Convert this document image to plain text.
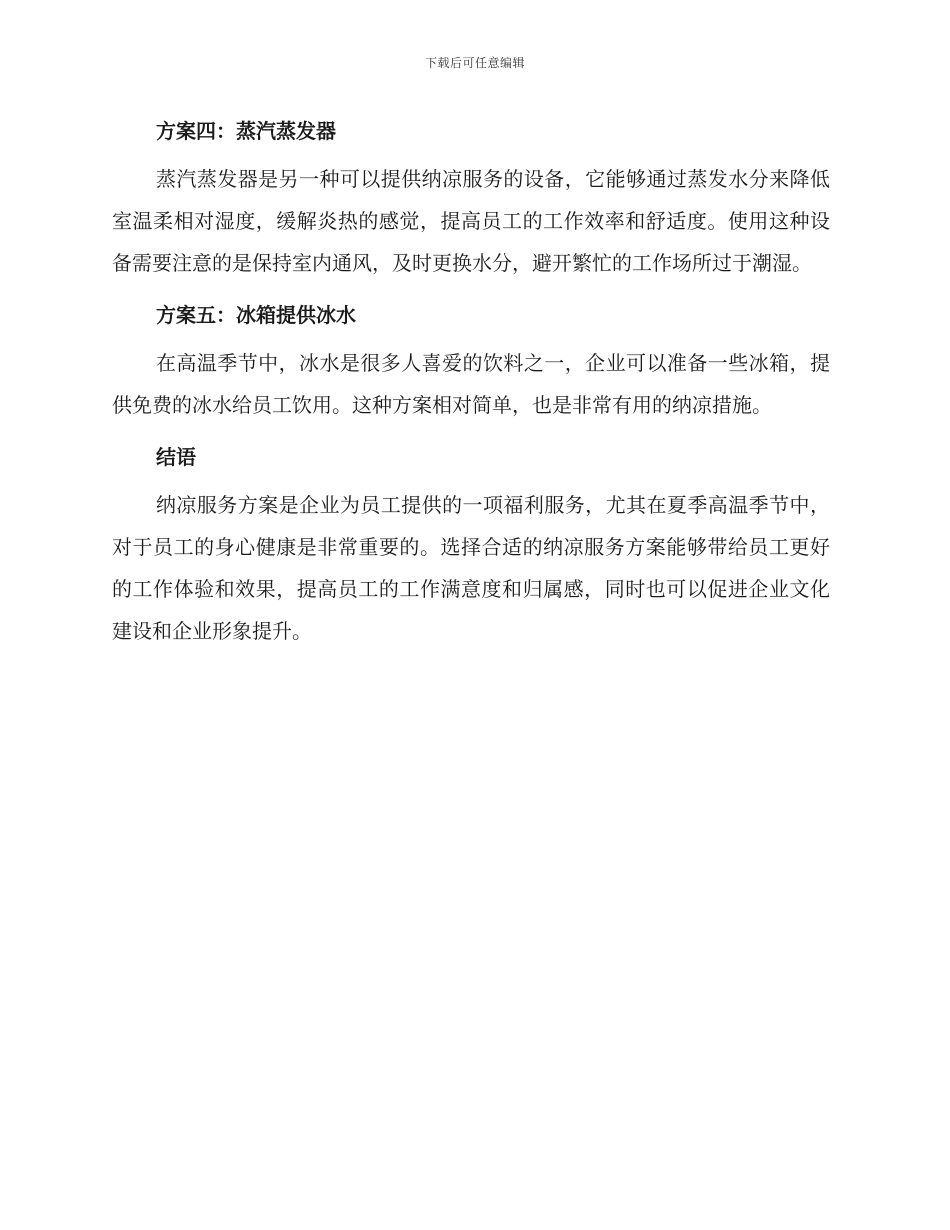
下载后可任意编辑
方案四：蒸汽蒸发器

蒸汽蒸发器是另一种可以提供纳凉服务的设备，它能够通过蒸发水分来降低室温柔相对湿度，缓解炎热的感觉，提高员工的工作效率和舒适度。使用这种设备需要注意的是保持室内通风，及时更换水分，避开繁忙的工作场所过于潮湿。

方案五：冰箱提供冰水

在高温季节中，冰水是很多人喜爱的饮料之一，企业可以准备一些冰箱，提供免费的冰水给员工饮用。这种方案相对简单，也是非常有用的纳凉措施。

结语

纳凉服务方案是企业为员工提供的一项福利服务，尤其在夏季高温季节中，对于员工的身心健康是非常重要的。选择合适的纳凉服务方案能够带给员工更好的工作体验和效果，提高员工的工作满意度和归属感，同时也可以促进企业文化建设和企业形象提升。
